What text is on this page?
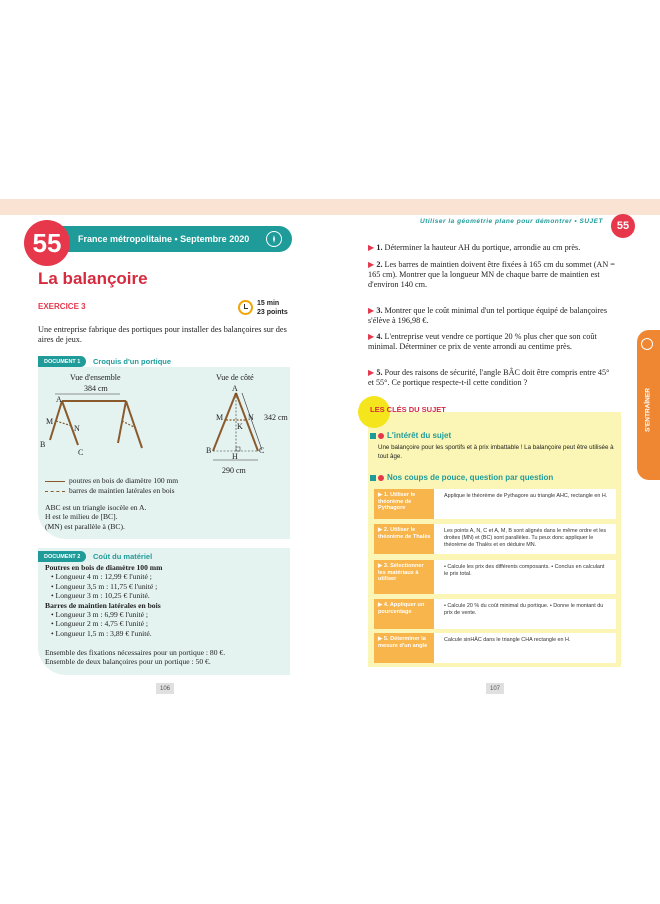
France métropolitaine • Septembre 2020
55
La balançoire
EXERCICE 3	15 min
23 points
Une entreprise fabrique des portiques pour installer des balançoires sur des aires de jeux.
DOCUMENT 1	Croquis d'un portique
Vue d'ensemble	Vue de côté
384 cm
A
M
N
B
C
A
M	N
K
B	C
H
342 cm
290 cm
poutres en bois de diamètre 100 mm
barres de maintien latérales en bois
ABC est un triangle isocèle en A.
H est le milieu de [BC].
(MN) est parallèle à (BC).
DOCUMENT 2	Coût du matériel
Poutres en bois de diamètre 100 mm
• Longueur 4 m : 12,99 € l'unité ;
• Longueur 3,5 m : 11,75 € l'unité ;
• Longueur 3 m : 10,25 € l'unité.
Barres de maintien latérales en bois
• Longueur 3 m : 6,99 € l'unité ;
• Longueur 2 m : 4,75 € l'unité ;
• Longueur 1,5 m : 3,89 € l'unité.
Ensemble des fixations nécessaires pour un portique : 80 €.
Ensemble de deux balançoires pour un portique : 50 €.
106
Utiliser la géométrie plane pour démontrer • SUJET	55
▶ 1. Déterminer la hauteur AH du portique, arrondie au cm près.
▶ 2. Les barres de maintien doivent être fixées à 165 cm du sommet (AN = 165 cm). Montrer que la longueur MN de chaque barre de maintien est d'environ 140 cm.
▶ 3. Montrer que le coût minimal d'un tel portique équipé de balançoires s'élève à 196,98 €.
▶ 4. L'entreprise veut vendre ce portique 20 % plus cher que son coût minimal. Déterminer ce prix de vente arrondi au centime près.
▶ 5. Pour des raisons de sécurité, l'angle BÂC doit être compris entre 45° et 55°. Ce portique respecte-t-il cette condition ?
S'ENTRAÎNER
LES CLÉS DU SUJET
L'intérêt du sujet
Une balançoire pour les sportifs et à prix imbattable ! La balançoire peut être utilisée à tout âge.
Nos coups de pouce, question par question
▶ 1. Utiliser le théorème de Pythagore
Applique le théorème de Pythagore au triangle AHC, rectangle en H.
▶ 2. Utiliser le théorème de Thalès
Les points A, N, C et A, M, B sont alignés dans le même ordre et les droites (MN) et (BC) sont parallèles. Tu peux donc appliquer le théorème de Thalès et en déduire MN.
▶ 3. Sélectionner les matériaux à utiliser
• Calcule les prix des différents composants. • Conclus en calculant le prix total.
▶ 4. Appliquer un pourcentage
• Calcule 20 % du coût minimal du portique. • Donne le montant du prix de vente.
▶ 5. Déterminer la mesure d'un angle
Calcule sinHÂC dans le triangle CHA rectangle en H.
107
